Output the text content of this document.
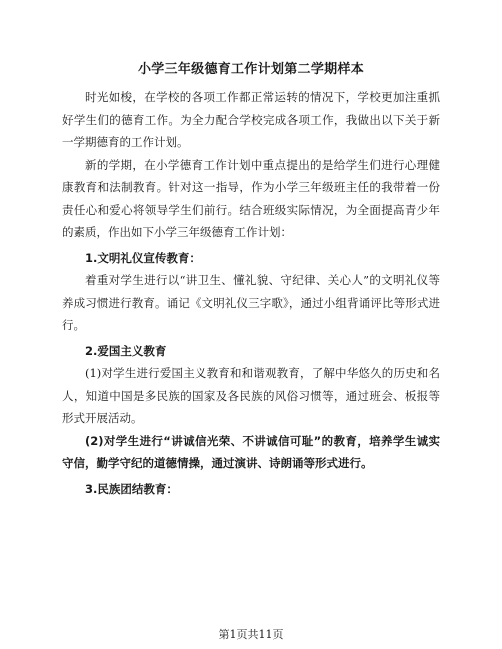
小学三年级德育工作计划第二学期样本

时光如梭，在学校的各项工作都正常运转的情况下，学校更加注重抓好学生们的德育工作。为全力配合学校完成各项工作，我做出以下关于新一学期德育的工作计划。

新的学期，在小学德育工作计划中重点提出的是给学生们进行心理健康教育和法制教育。针对这一指导，作为小学三年级班主任的我带着一份责任心和爱心将领导学生们前行。结合班级实际情况，为全面提高青少年的素质，作出如下小学三年级德育工作计划：

1.文明礼仪宣传教育：

着重对学生进行以“讲卫生、懂礼貌、守纪律、关心人”的文明礼仪等养成习惯进行教育。诵记《文明礼仪三字歌》，通过小组背诵评比等形式进行。

2.爱国主义教育

(1)对学生进行爱国主义教育和和谐观教育，了解中华悠久的历史和名人，知道中国是多民族的国家及各民族的风俗习惯等，通过班会、板报等形式开展活动。

(2)对学生进行“讲诚信光荣、不讲诚信可耻”的教育，培养学生诚实守信，勤学守纪的道德情操，通过演讲、诗朗诵等形式进行。

3.民族团结教育：

第1页共11页
